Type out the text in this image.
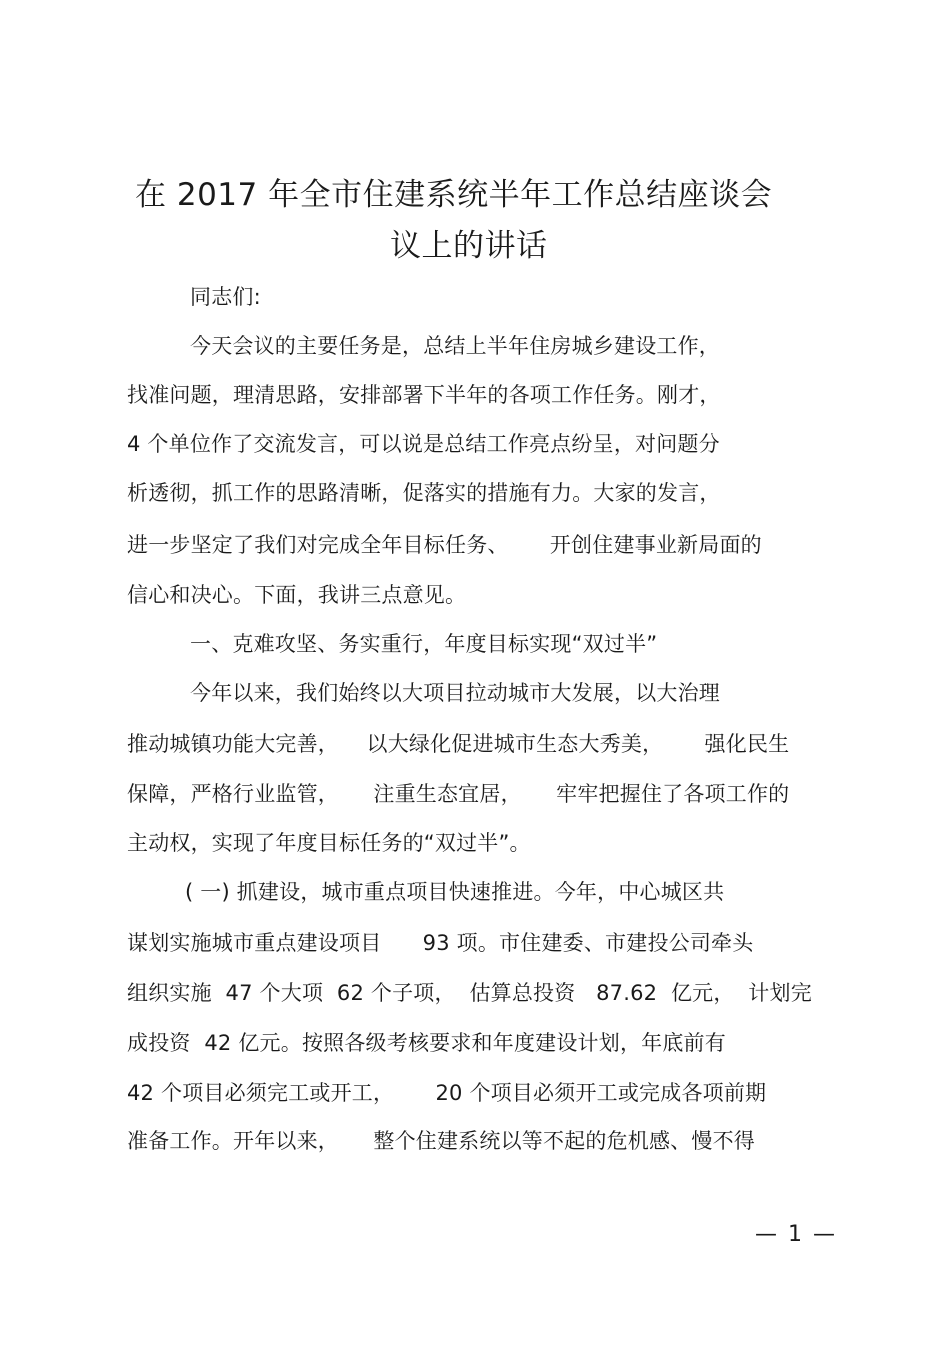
在 2017 年全市住建系统半年工作总结座谈会
议上的讲话
同志们:
今天会议的主要任务是，总结上半年住房城乡建设工作，
找准问题，理清思路，安排部署下半年的各项工作任务。刚才，
4 个单位作了交流发言，可以说是总结工作亮点纷呈，对问题分
析透彻，抓工作的思路清晰，促落实的措施有力。大家的发言，
进一步坚定了我们对完成全年目标任务、      开创住建事业新局面的
信心和决心。下面，我讲三点意见。
一、克难攻坚、务实重行，年度目标实现“双过半”
今年以来，我们始终以大项目拉动城市大发展，以大治理
推动城镇功能大完善，    以大绿化促进城市生态大秀美，      强化民生
保障，严格行业监管，     注重生态宜居，     牢牢把握住了各项工作的
主动权，实现了年度目标任务的“双过半”。
( 一) 抓建设，城市重点项目快速推进。今年，中心城区共
谋划实施城市重点建设项目      93 项。市住建委、市建投公司牵头
组织实施  47 个大项  62 个子项，  估算总投资   87.62  亿元，  计划完
成投资  42 亿元。按照各级考核要求和年度建设计划，年底前有
42 个项目必须完工或开工，      20 个项目必须开工或完成各项前期
准备工作。开年以来，     整个住建系统以等不起的危机感、慢不得
— 1 —
